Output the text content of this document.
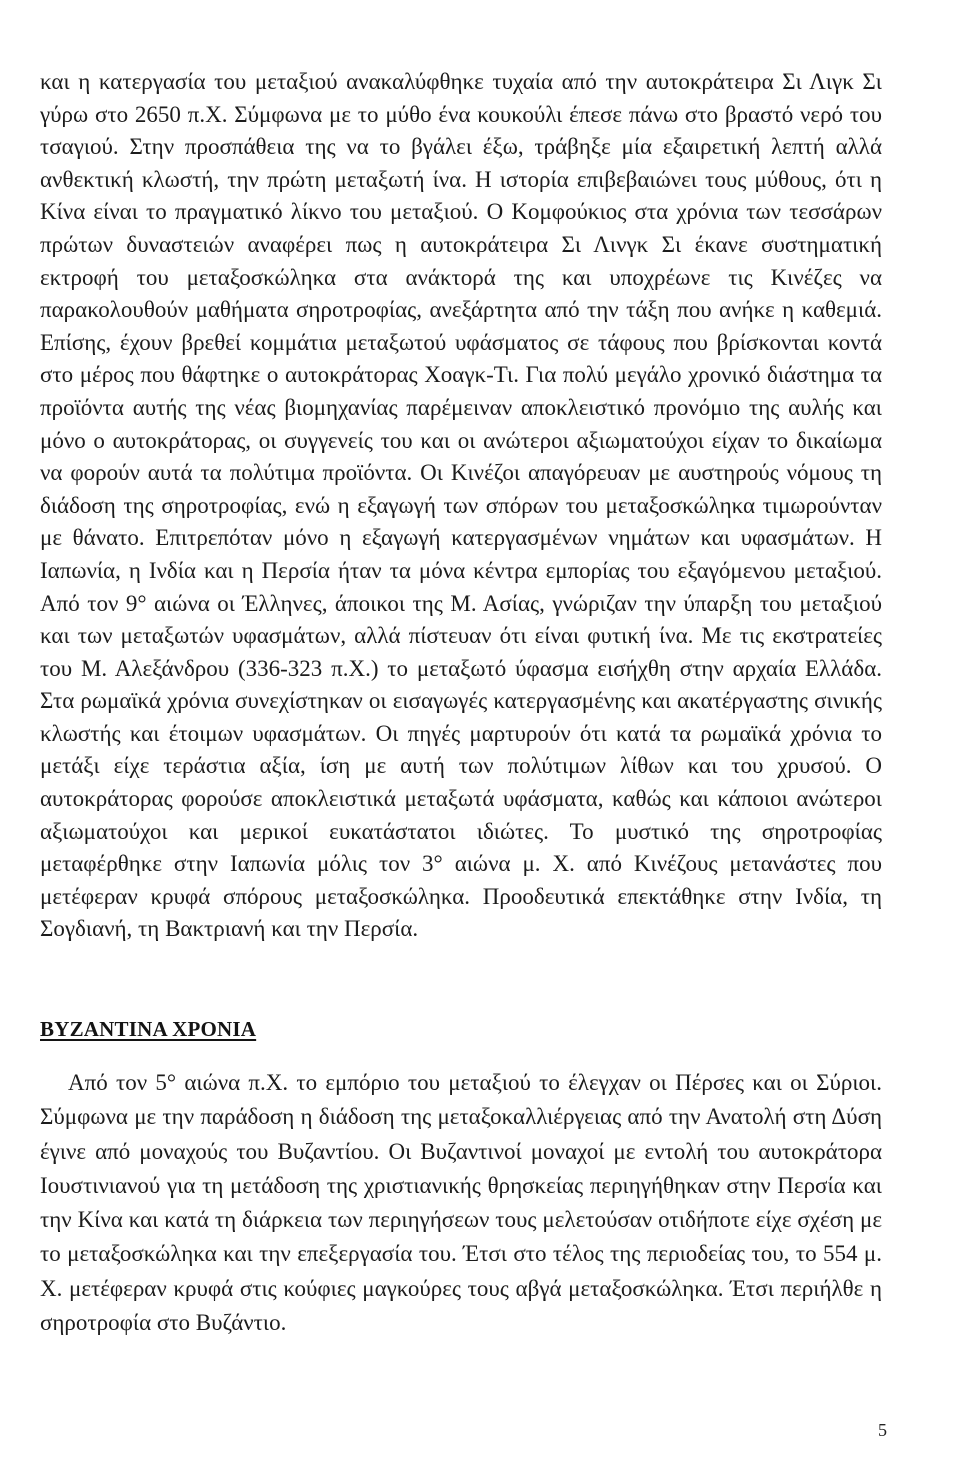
και η κατεργασία του μεταξιού ανακαλύφθηκε τυχαία από την αυτοκράτειρα Σι Λιγκ Σι γύρω στο 2650 π.Χ. Σύμφωνα με το μύθο ένα κουκούλι έπεσε πάνω στο βραστό νερό του τσαγιού. Στην προσπάθεια της να το βγάλει έξω, τράβηξε μία εξαιρετική λεπτή αλλά ανθεκτική κλωστή, την πρώτη μεταξωτή ίνα. Η ιστορία επιβεβαιώνει τους μύθους, ότι η Κίνα είναι το πραγματικό λίκνο του μεταξιού. Ο Κομφούκιος στα χρόνια των τεσσάρων πρώτων δυναστειών αναφέρει πως η αυτοκράτειρα Σι Λινγκ Σι έκανε συστηματική εκτροφή του μεταξοσκώληκα στα ανάκτορά της και υποχρέωνε τις Κινέζες να παρακολουθούν μαθήματα σηροτροφίας, ανεξάρτητα από την τάξη που ανήκε η καθεμιά. Επίσης, έχουν βρεθεί κομμάτια μεταξωτού υφάσματος σε τάφους που βρίσκονται κοντά στο μέρος που θάφτηκε ο αυτοκράτορας Χοαγκ-Τι. Για πολύ μεγάλο χρονικό διάστημα τα προϊόντα αυτής της νέας βιομηχανίας παρέμειναν αποκλειστικό προνόμιο της αυλής και μόνο ο αυτοκράτορας, οι συγγενείς του και οι ανώτεροι αξιωματούχοι είχαν το δικαίωμα να φορούν αυτά τα πολύτιμα προϊόντα. Οι Κινέζοι απαγόρευαν με αυστηρούς νόμους τη διάδοση της σηροτροφίας, ενώ η εξαγωγή των σπόρων του μεταξοσκώληκα τιμωρούνταν με θάνατο. Επιτρεπόταν μόνο η εξαγωγή κατεργασμένων νημάτων και υφασμάτων. Η Ιαπωνία, η Ινδία και η Περσία ήταν τα μόνα κέντρα εμπορίας του εξαγόμενου μεταξιού. Από τον 9° αιώνα οι Έλληνες, άποικοι της Μ. Ασίας, γνώριζαν την ύπαρξη του μεταξιού και των μεταξωτών υφασμάτων, αλλά πίστευαν ότι είναι φυτική ίνα. Με τις εκστρατείες του Μ. Αλεξάνδρου (336-323 π.Χ.) το μεταξωτό ύφασμα εισήχθη στην αρχαία Ελλάδα. Στα ρωμαϊκά χρόνια συνεχίστηκαν οι εισαγωγές κατεργασμένης και ακατέργαστης σινικής κλωστής και έτοιμων υφασμάτων. Οι πηγές μαρτυρούν ότι κατά τα ρωμαϊκά χρόνια το μετάξι είχε τεράστια αξία, ίση με αυτή των πολύτιμων λίθων και του χρυσού. Ο αυτοκράτορας φορούσε αποκλειστικά μεταξωτά υφάσματα, καθώς και κάποιοι ανώτεροι αξιωματούχοι και μερικοί ευκατάστατοι ιδιώτες. Το μυστικό της σηροτροφίας μεταφέρθηκε στην Ιαπωνία μόλις τον 3° αιώνα μ. Χ. από Κινέζους μετανάστες που μετέφεραν κρυφά σπόρους μεταξοσκώληκα. Προοδευτικά επεκτάθηκε στην Ινδία, τη Σογδιανή, τη Βακτριανή και την Περσία.

ΒΥΖΑΝΤΙΝΑ ΧΡΟΝΙΑ

Από τον 5° αιώνα π.Χ. το εμπόριο του μεταξιού το έλεγχαν οι Πέρσες και οι Σύριοι. Σύμφωνα με την παράδοση η διάδοση της μεταξοκαλλιέργειας από την Ανατολή στη Δύση έγινε από μοναχούς του Βυζαντίου. Οι Βυζαντινοί μοναχοί με εντολή του αυτοκράτορα Ιουστινιανού για τη μετάδοση της χριστιανικής θρησκείας περιηγήθηκαν στην Περσία και την Κίνα και κατά τη διάρκεια των περιηγήσεων τους μελετούσαν οτιδήποτε είχε σχέση με το μεταξοσκώληκα και την επεξεργασία του. Έτσι στο τέλος της περιοδείας του, το 554 μ. Χ. μετέφεραν κρυφά στις κούφιες μαγκούρες τους αβγά μεταξοσκώληκα. Έτσι περιήλθε η σηροτροφία στο Βυζάντιο.

5
